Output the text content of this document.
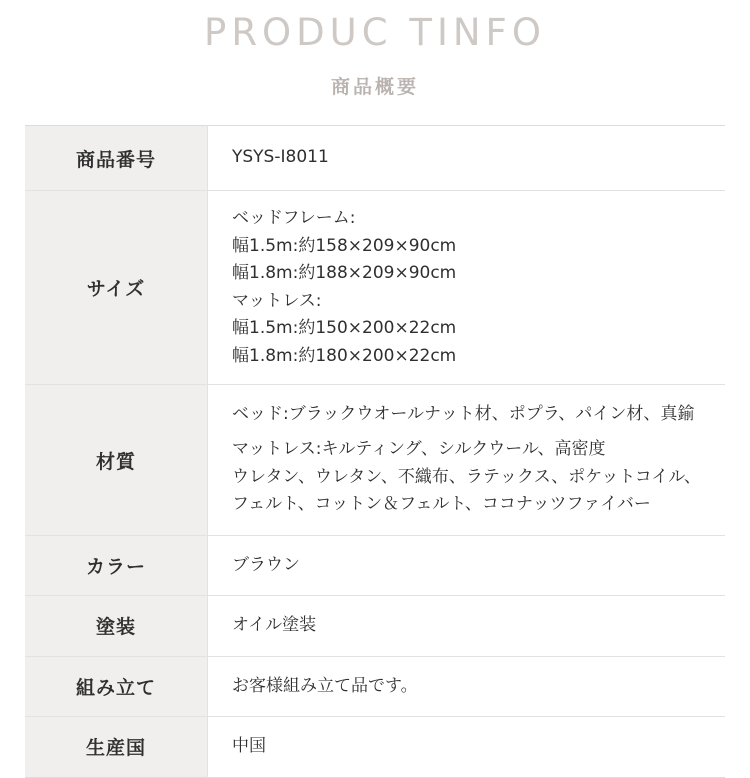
PRODUC TINFO
商品概要
商品番号	YSYS-I8011

サイズ	
ベッドフレーム:
幅1.5m:約158×209×90cm
幅1.8m:約188×209×90cm
マットレス:
幅1.5m:約150×200×22cm
幅1.8m:約180×200×22cm

材質	ベッド:ブラックウオールナット材、ポプラ、パイン材、真鍮
マットレス:キルティング、シルクウール、高密度
ウレタン、ウレタン、不織布、ラテックス、ポケットコイル、
フェルト、コットン＆フェルト、ココナッツファイバー

カラー	ブラウン

塗装	オイル塗装

組み立て	お客様組み立て品です。

生産国	中国
